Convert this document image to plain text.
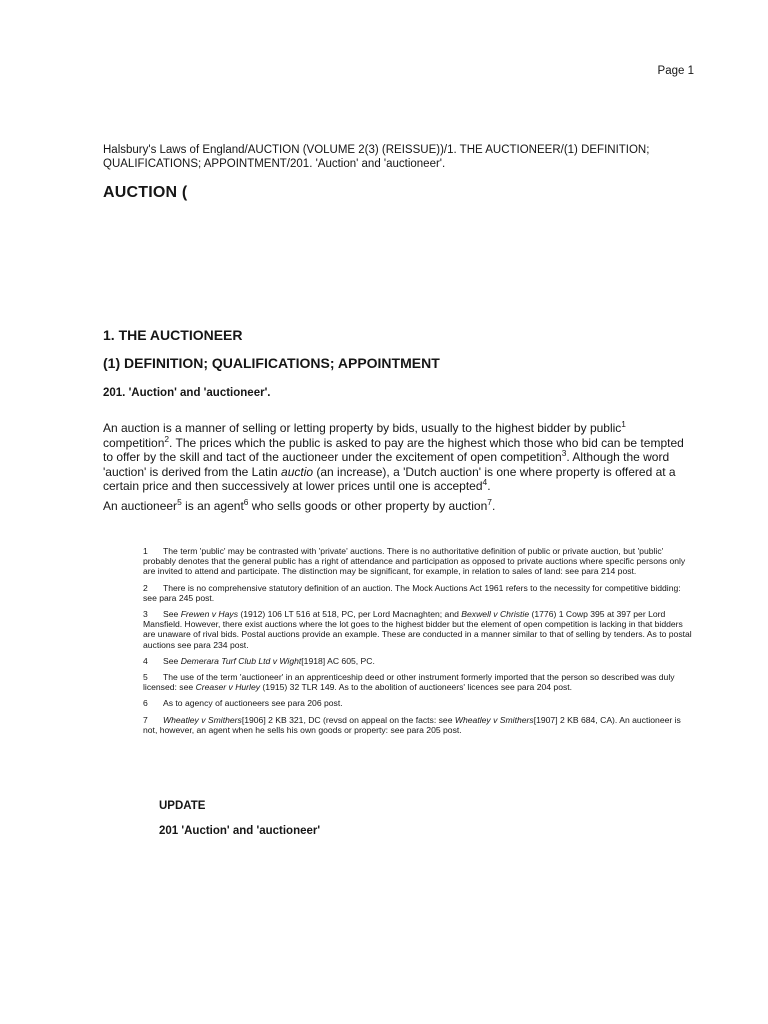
Page 1
Halsbury's Laws of England/AUCTION (VOLUME 2(3) (REISSUE))/1. THE AUCTIONEER/(1) DEFINITION; QUALIFICATIONS; APPOINTMENT/201. 'Auction' and 'auctioneer'.
AUCTION (
1. THE AUCTIONEER
(1) DEFINITION; QUALIFICATIONS; APPOINTMENT
201. 'Auction' and 'auctioneer'.

An auction is a manner of selling or letting property by bids, usually to the highest bidder by public$^1$ competition$^2$. The prices which the public is asked to pay are the highest which those who bid can be tempted to offer by the skill and tact of the auctioneer under the excitement of open competition$^3$. Although the word 'auction' is derived from the Latin auctio (an increase), a 'Dutch auction' is one where property is offered at a certain price and then successively at lower prices until one is accepted$^4$.

An auctioneer$^5$ is an agent$^6$ who sells goods or other property by auction$^7$.

1 The term 'public' may be contrasted with 'private' auctions. There is no authoritative definition of public or private auction, but 'public' probably denotes that the general public has a right of attendance and participation as opposed to private auctions where specific persons only are invited to attend and participate. The distinction may be significant, for example, in relation to sales of land: see para 214 post.

2 There is no comprehensive statutory definition of an auction. The Mock Auctions Act 1961 refers to the necessity for competitive bidding: see para 245 post.

3 See Frewen v Hays (1912) 106 LT 516 at 518, PC, per Lord Macnaghten; and Bexwell v Christie (1776) 1 Cowp 395 at 397 per Lord Mansfield. However, there exist auctions where the lot goes to the highest bidder but the element of open competition is lacking in that bidders are unaware of rival bids. Postal auctions provide an example. These are conducted in a manner similar to that of selling by tenders. As to postal auctions see para 234 post.

4 See Demerara Turf Club Ltd v Wight[1918] AC 605, PC.

5 The use of the term 'auctioneer' in an apprenticeship deed or other instrument formerly imported that the person so described was duly licensed: see Creaser v Hurley (1915) 32 TLR 149. As to the abolition of auctioneers' licences see para 204 post.

6 As to agency of auctioneers see para 206 post.

7 Wheatley v Smithers[1906] 2 KB 321, DC (revsd on appeal on the facts: see Wheatley v Smithers[1907] 2 KB 684, CA). An auctioneer is not, however, an agent when he sells his own goods or property: see para 205 post.

UPDATE
201 'Auction' and 'auctioneer'
